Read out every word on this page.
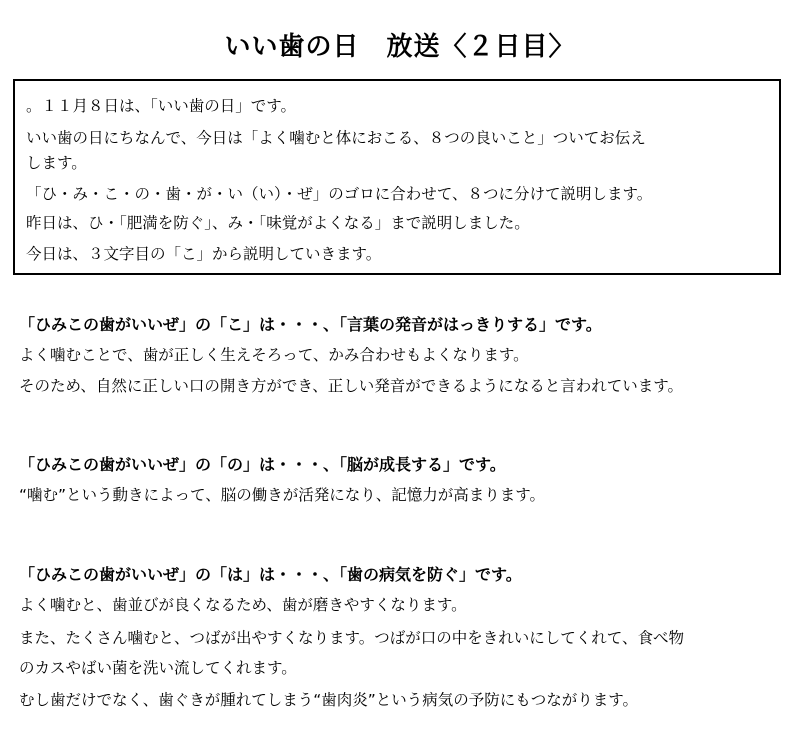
いい歯の日　放送〈２日目〉
。１１月８日は、「いい歯の日」です。
いい歯の日にちなんで、今日は「よく噛むと体におこる、８つの良いこと」ついてお伝え
します。
「ひ・み・こ・の・歯・が・い（い）・ぜ」のゴロに合わせて、８つに分けて説明します。
昨日は、ひ・「肥満を防ぐ」、み・「味覚がよくなる」まで説明しました。
今日は、３文字目の「こ」から説明していきます。
「ひみこの歯がいいぜ」の「こ」は・・・、「言葉の発音がはっきりする」です。
よく噛むことで、歯が正しく生えそろって、かみ合わせもよくなります。
そのため、自然に正しい口の開き方ができ、正しい発音ができるようになると言われています。
「ひみこの歯がいいぜ」の「の」は・・・、「脳が成長する」です。
“噛む”という動きによって、脳の働きが活発になり、記憶力が高まります。
「ひみこの歯がいいぜ」の「は」は・・・、「歯の病気を防ぐ」です。
よく噛むと、歯並びが良くなるため、歯が磨きやすくなります。
また、たくさん噛むと、つばが出やすくなります。つばが口の中をきれいにしてくれて、食べ物
のカスやばい菌を洗い流してくれます。
むし歯だけでなく、歯ぐきが腫れてしまう“歯肉炎”という病気の予防にもつながります。
